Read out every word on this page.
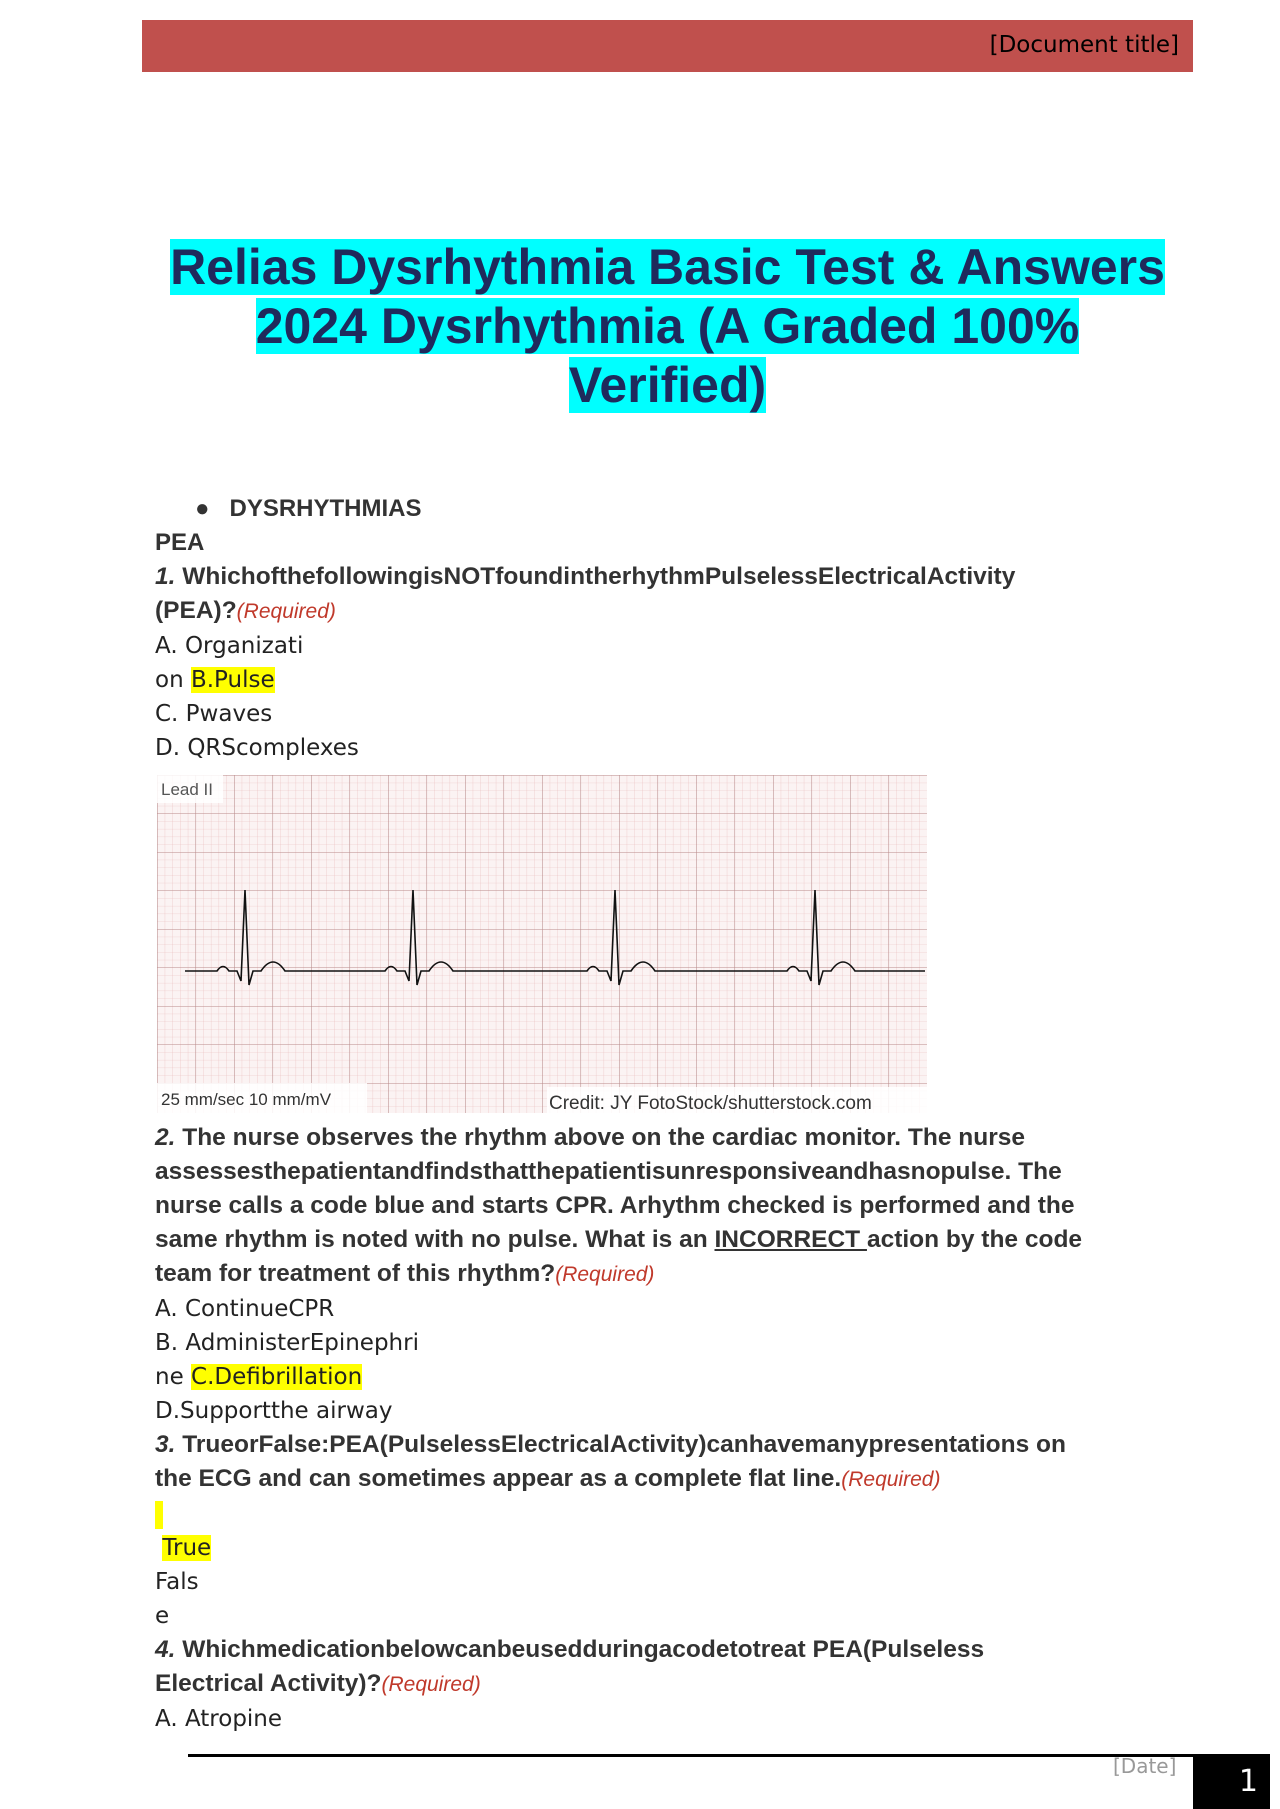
[Document title]
Relias Dysrhythmia Basic Test & Answers
2024 Dysrhythmia (A Graded 100%
Verified)
●   DYSRHYTHMIAS
PEA
1. WhichofthefollowingisNOTfoundintherhythmPulselessElectricalActivity
(PEA)?(Required)
A. Organizati
on B.Pulse
C. Pwaves
D. QRScomplexes
Lead II
25 mm/sec 10 mm/mV	Credit: JY FotoStock/shutterstock.com
2. The nurse observes the rhythm above on the cardiac monitor. The nurse
assessesthepatientandfindsthatthepatientisunresponsiveandhasnopulse. The
nurse calls a code blue and starts CPR. Arhythm checked is performed and the
same rhythm is noted with no pulse. What is an INCORRECT action by the code
team for treatment of this rhythm?(Required)
A. ContinueCPR
B. AdministerEpinephri
ne C.Defibrillation
D.Supportthe airway
3. TrueorFalse:PEA(PulselessElectricalActivity)canhavemanypresentations on
the ECG and can sometimes appear as a complete flat line.(Required)
True
Fals
e
4. Whichmedicationbelowcanbeusedduringacodetotreat PEA(Pulseless
Electrical Activity)?(Required)
A. Atropine
[Date]	1
